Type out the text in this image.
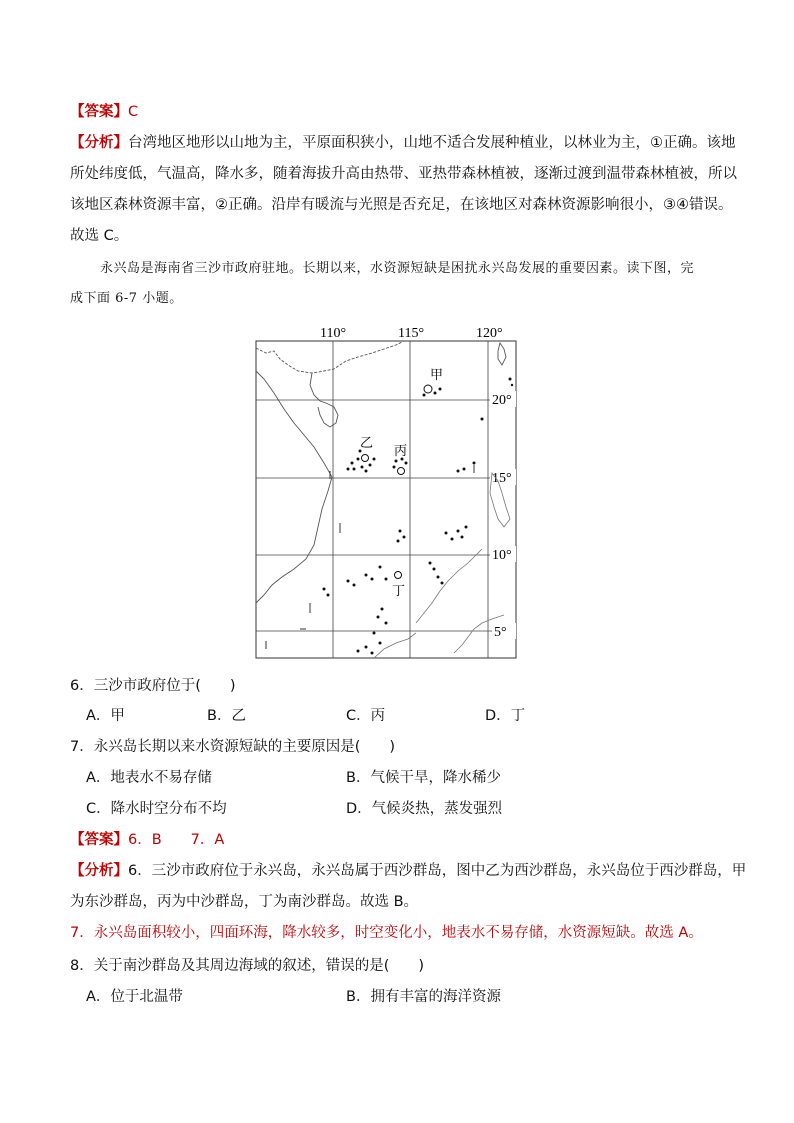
【答案】C
【分析】台湾地区地形以山地为主，平原面积狭小，山地不适合发展种植业，以林业为主，①正确。该地
所处纬度低，气温高，降水多，随着海拔升高由热带、亚热带森林植被，逐渐过渡到温带森林植被，所以
该地区森林资源丰富，②正确。沿岸有暖流与光照是否充足，在该地区对森林资源影响很小，③④错误。
故选 C。
永兴岛是海南省三沙市政府驻地。长期以来，水资源短缺是困扰永兴岛发展的重要因素。读下图，完
成下面 6-7 小题。
110°	115°	120°
20°
15°
10°
5°
甲
乙
丙
丁
6．三沙市政府位于(　　)
A．甲	B．乙	C．丙	D．丁
7．永兴岛长期以来水资源短缺的主要原因是(　　)
A．地表水不易存储	B．气候干旱，降水稀少
C．降水时空分布不均	D．气候炎热，蒸发强烈
【答案】6．B　　7．A
【分析】6．三沙市政府位于永兴岛，永兴岛属于西沙群岛，图中乙为西沙群岛，永兴岛位于西沙群岛，甲
为东沙群岛，丙为中沙群岛，丁为南沙群岛。故选 B。
7．永兴岛面积较小，四面环海，降水较多，时空变化小，地表水不易存储，水资源短缺。故选 A。
8．关于南沙群岛及其周边海域的叙述，错误的是(　　)
A．位于北温带	B．拥有丰富的海洋资源
